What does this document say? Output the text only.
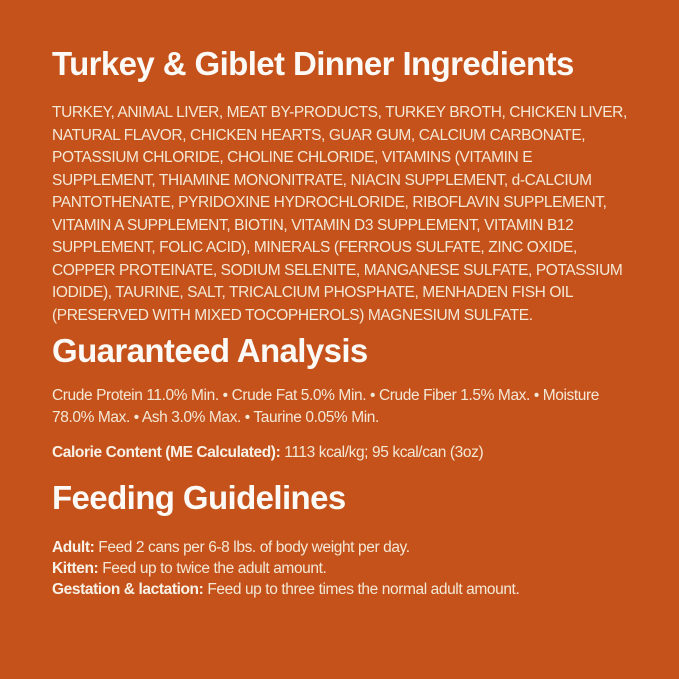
Turkey & Giblet Dinner Ingredients

TURKEY, ANIMAL LIVER, MEAT BY-PRODUCTS, TURKEY BROTH, CHICKEN LIVER, NATURAL FLAVOR, CHICKEN HEARTS, GUAR GUM, CALCIUM CARBONATE, POTASSIUM CHLORIDE, CHOLINE CHLORIDE, VITAMINS (VITAMIN E SUPPLEMENT, THIAMINE MONONITRATE, NIACIN SUPPLEMENT, d-CALCIUM PANTOTHENATE, PYRIDOXINE HYDROCHLORIDE, RIBOFLAVIN SUPPLEMENT, VITAMIN A SUPPLEMENT, BIOTIN, VITAMIN D3 SUPPLEMENT, VITAMIN B12 SUPPLEMENT, FOLIC ACID), MINERALS (FERROUS SULFATE, ZINC OXIDE, COPPER PROTEINATE, SODIUM SELENITE, MANGANESE SULFATE, POTASSIUM IODIDE), TAURINE, SALT, TRICALCIUM PHOSPHATE, MENHADEN FISH OIL (PRESERVED WITH MIXED TOCOPHEROLS) MAGNESIUM SULFATE.

Guaranteed Analysis

Crude Protein 11.0% Min. • Crude Fat 5.0% Min. • Crude Fiber 1.5% Max. • Moisture 78.0% Max. • Ash 3.0% Max. • Taurine 0.05% Min.

Calorie Content (ME Calculated): 1113 kcal/kg; 95 kcal/can (3oz)

Feeding Guidelines

Adult: Feed 2 cans per 6-8 lbs. of body weight per day.

Kitten: Feed up to twice the adult amount.

Gestation & lactation: Feed up to three times the normal adult amount.
